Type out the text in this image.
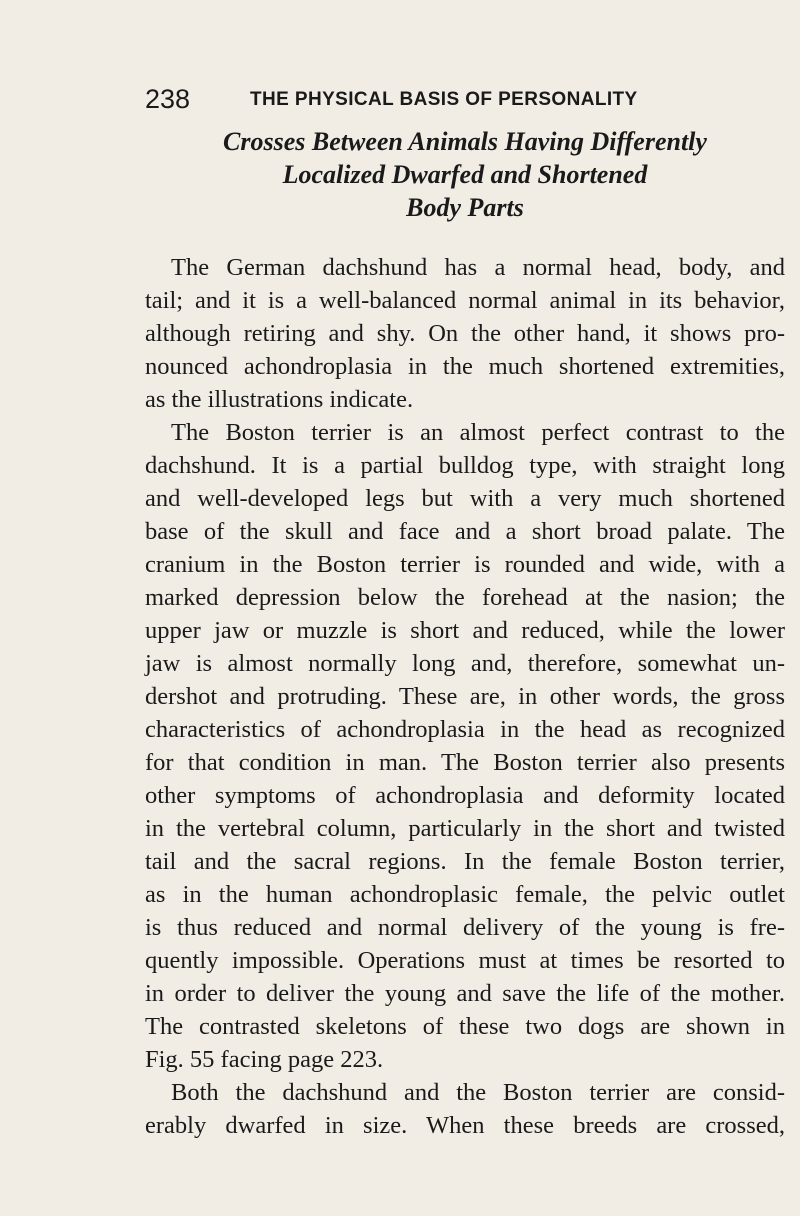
238	THE PHYSICAL BASIS OF PERSONALITY
Crosses Between Animals Having Differently
Localized Dwarfed and Shortened
Body Parts
The German dachshund has a normal head, body, and
tail; and it is a well-balanced normal animal in its behavior,
although retiring and shy. On the other hand, it shows pro-
nounced achondroplasia in the much shortened extremities,
as the illustrations indicate.
The Boston terrier is an almost perfect contrast to the
dachshund. It is a partial bulldog type, with straight long
and well-developed legs but with a very much shortened
base of the skull and face and a short broad palate. The
cranium in the Boston terrier is rounded and wide, with a
marked depression below the forehead at the nasion; the
upper jaw or muzzle is short and reduced, while the lower
jaw is almost normally long and, therefore, somewhat un-
dershot and protruding. These are, in other words, the gross
characteristics of achondroplasia in the head as recognized
for that condition in man. The Boston terrier also presents
other symptoms of achondroplasia and deformity located
in the vertebral column, particularly in the short and twisted
tail and the sacral regions. In the female Boston terrier,
as in the human achondroplasic female, the pelvic outlet
is thus reduced and normal delivery of the young is fre-
quently impossible. Operations must at times be resorted to
in order to deliver the young and save the life of the mother.
The contrasted skeletons of these two dogs are shown in
Fig. 55 facing page 223.
Both the dachshund and the Boston terrier are consid-
erably dwarfed in size. When these breeds are crossed,
